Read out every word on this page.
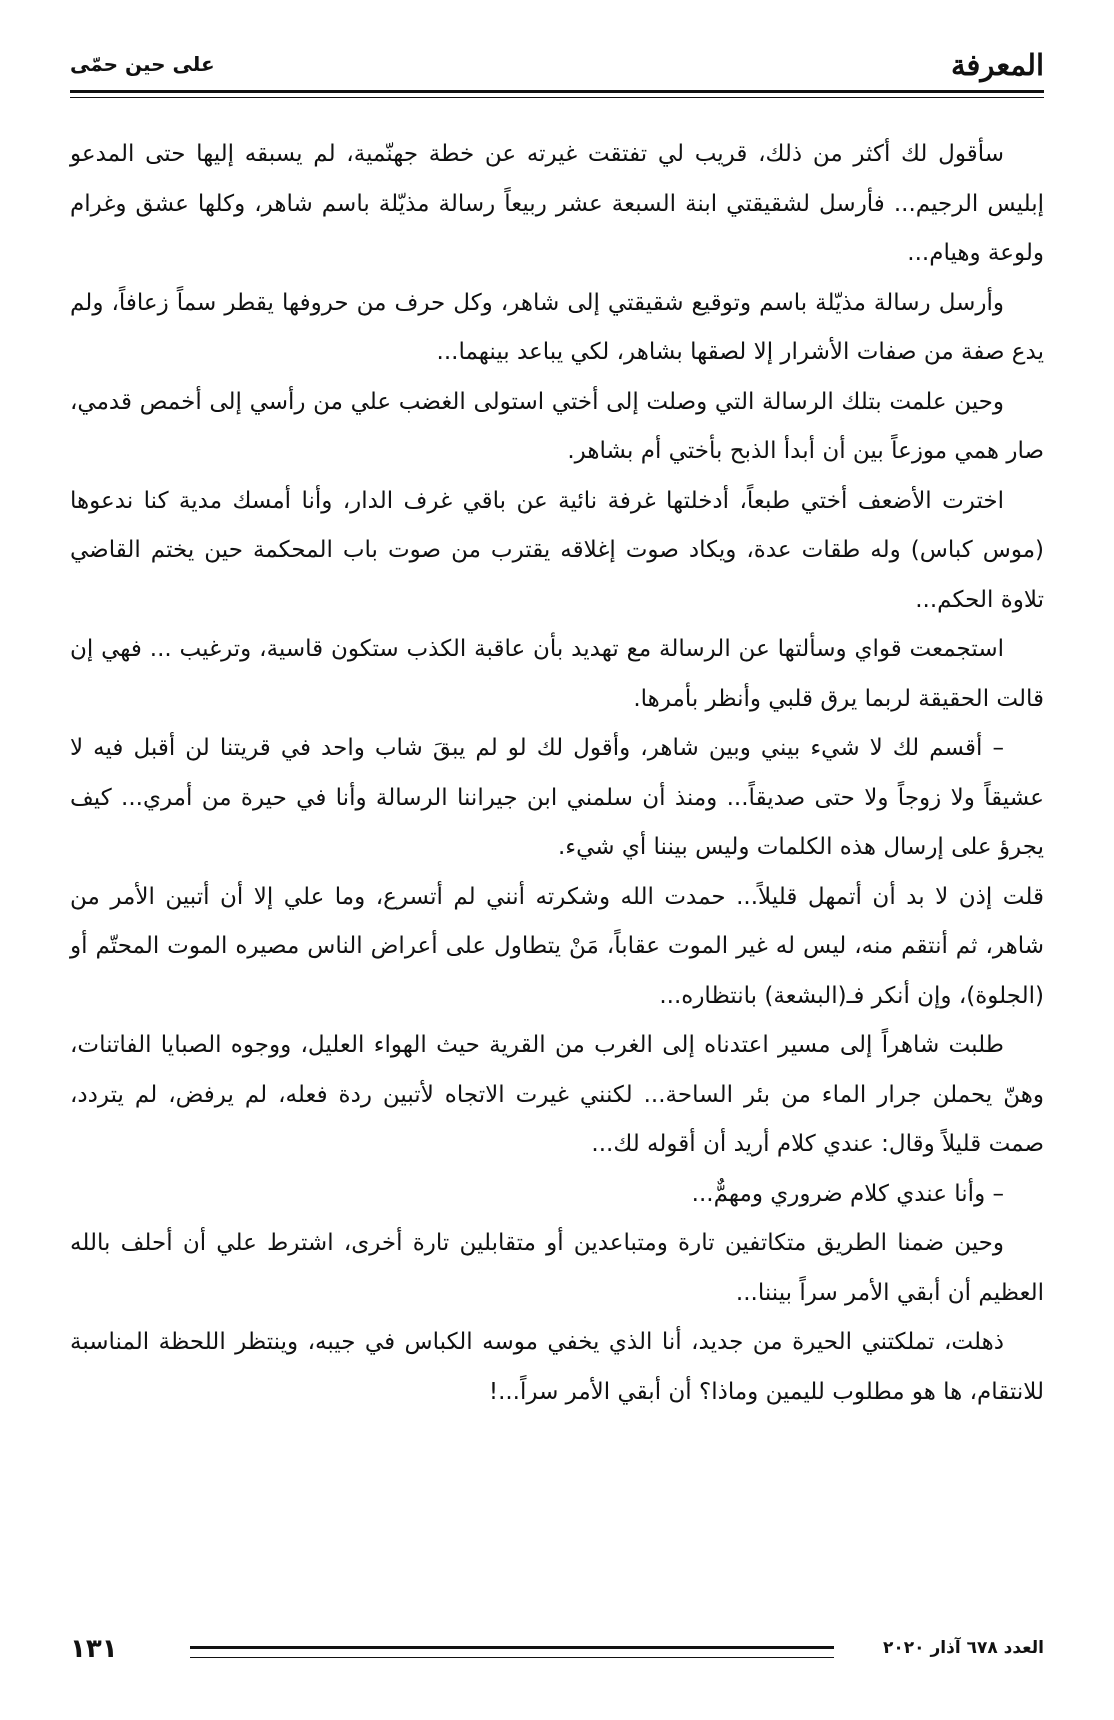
المعرفة
على حين حمّى

سأقول لك أكثر من ذلك، قريب لي تفتقت غيرته عن خطة جهنّمية، لم يسبقه إليها حتى المدعو إبليس الرجيم... فأرسل لشقيقتي ابنة السبعة عشر ربيعاً رسالة مذيّلة باسم شاهر، وكلها عشق وغرام ولوعة وهيام...

وأرسل رسالة مذيّلة باسم وتوقيع شقيقتي إلى شاهر، وكل حرف من حروفها يقطر سماً زعافاً، ولم يدع صفة من صفات الأشرار إلا لصقها بشاهر، لكي يباعد بينهما...

وحين علمت بتلك الرسالة التي وصلت إلى أختي استولى الغضب علي من رأسي إلى أخمص قدمي، صار همي موزعاً بين أن أبدأ الذبح بأختي أم بشاهر.

اخترت الأضعف أختي طبعاً، أدخلتها غرفة نائية عن باقي غرف الدار، وأنا أمسك مدية كنا ندعوها (موس كباس) وله طقات عدة، ويكاد صوت إغلاقه يقترب من صوت باب المحكمة حين يختم القاضي تلاوة الحكم...

استجمعت قواي وسألتها عن الرسالة مع تهديد بأن عاقبة الكذب ستكون قاسية، وترغيب ... فهي إن قالت الحقيقة لربما يرق قلبي وأنظر بأمرها.

– أقسم لك لا شيء بيني وبين شاهر، وأقول لك لو لم يبقَ شاب واحد في قريتنا لن أقبل فيه لا عشيقاً ولا زوجاً ولا حتى صديقاً... ومنذ أن سلمني ابن جيراننا الرسالة وأنا في حيرة من أمري... كيف يجرؤ على إرسال هذه الكلمات وليس بيننا أي شيء.

قلت إذن لا بد أن أتمهل قليلاً... حمدت الله وشكرته أنني لم أتسرع، وما علي إلا أن أتبين الأمر من شاهر، ثم أنتقم منه، ليس له غير الموت عقاباً، مَنْ يتطاول على أعراض الناس مصيره الموت المحتّم أو (الجلوة)، وإن أنكر فـ(البشعة) بانتظاره...

طلبت شاهراً إلى مسير اعتدناه إلى الغرب من القرية حيث الهواء العليل، ووجوه الصبايا الفاتنات، وهنّ يحملن جرار الماء من بئر الساحة... لكنني غيرت الاتجاه لأتبين ردة فعله، لم يرفض، لم يتردد، صمت قليلاً وقال: عندي كلام أريد أن أقوله لك...

– وأنا عندي كلام ضروري ومهمٌّ...

وحين ضمنا الطريق متكاتفين تارة ومتباعدين أو متقابلين تارة أخرى، اشترط علي أن أحلف بالله العظيم أن أبقي الأمر سراً بيننا...

ذهلت، تملكتني الحيرة من جديد، أنا الذي يخفي موسه الكباس في جيبه، وينتظر اللحظة المناسبة للانتقام، ها هو مطلوب لليمين وماذا؟ أن أبقي الأمر سراً...!

١٣١	العدد ٦٧٨ آذار ٢٠٢٠
